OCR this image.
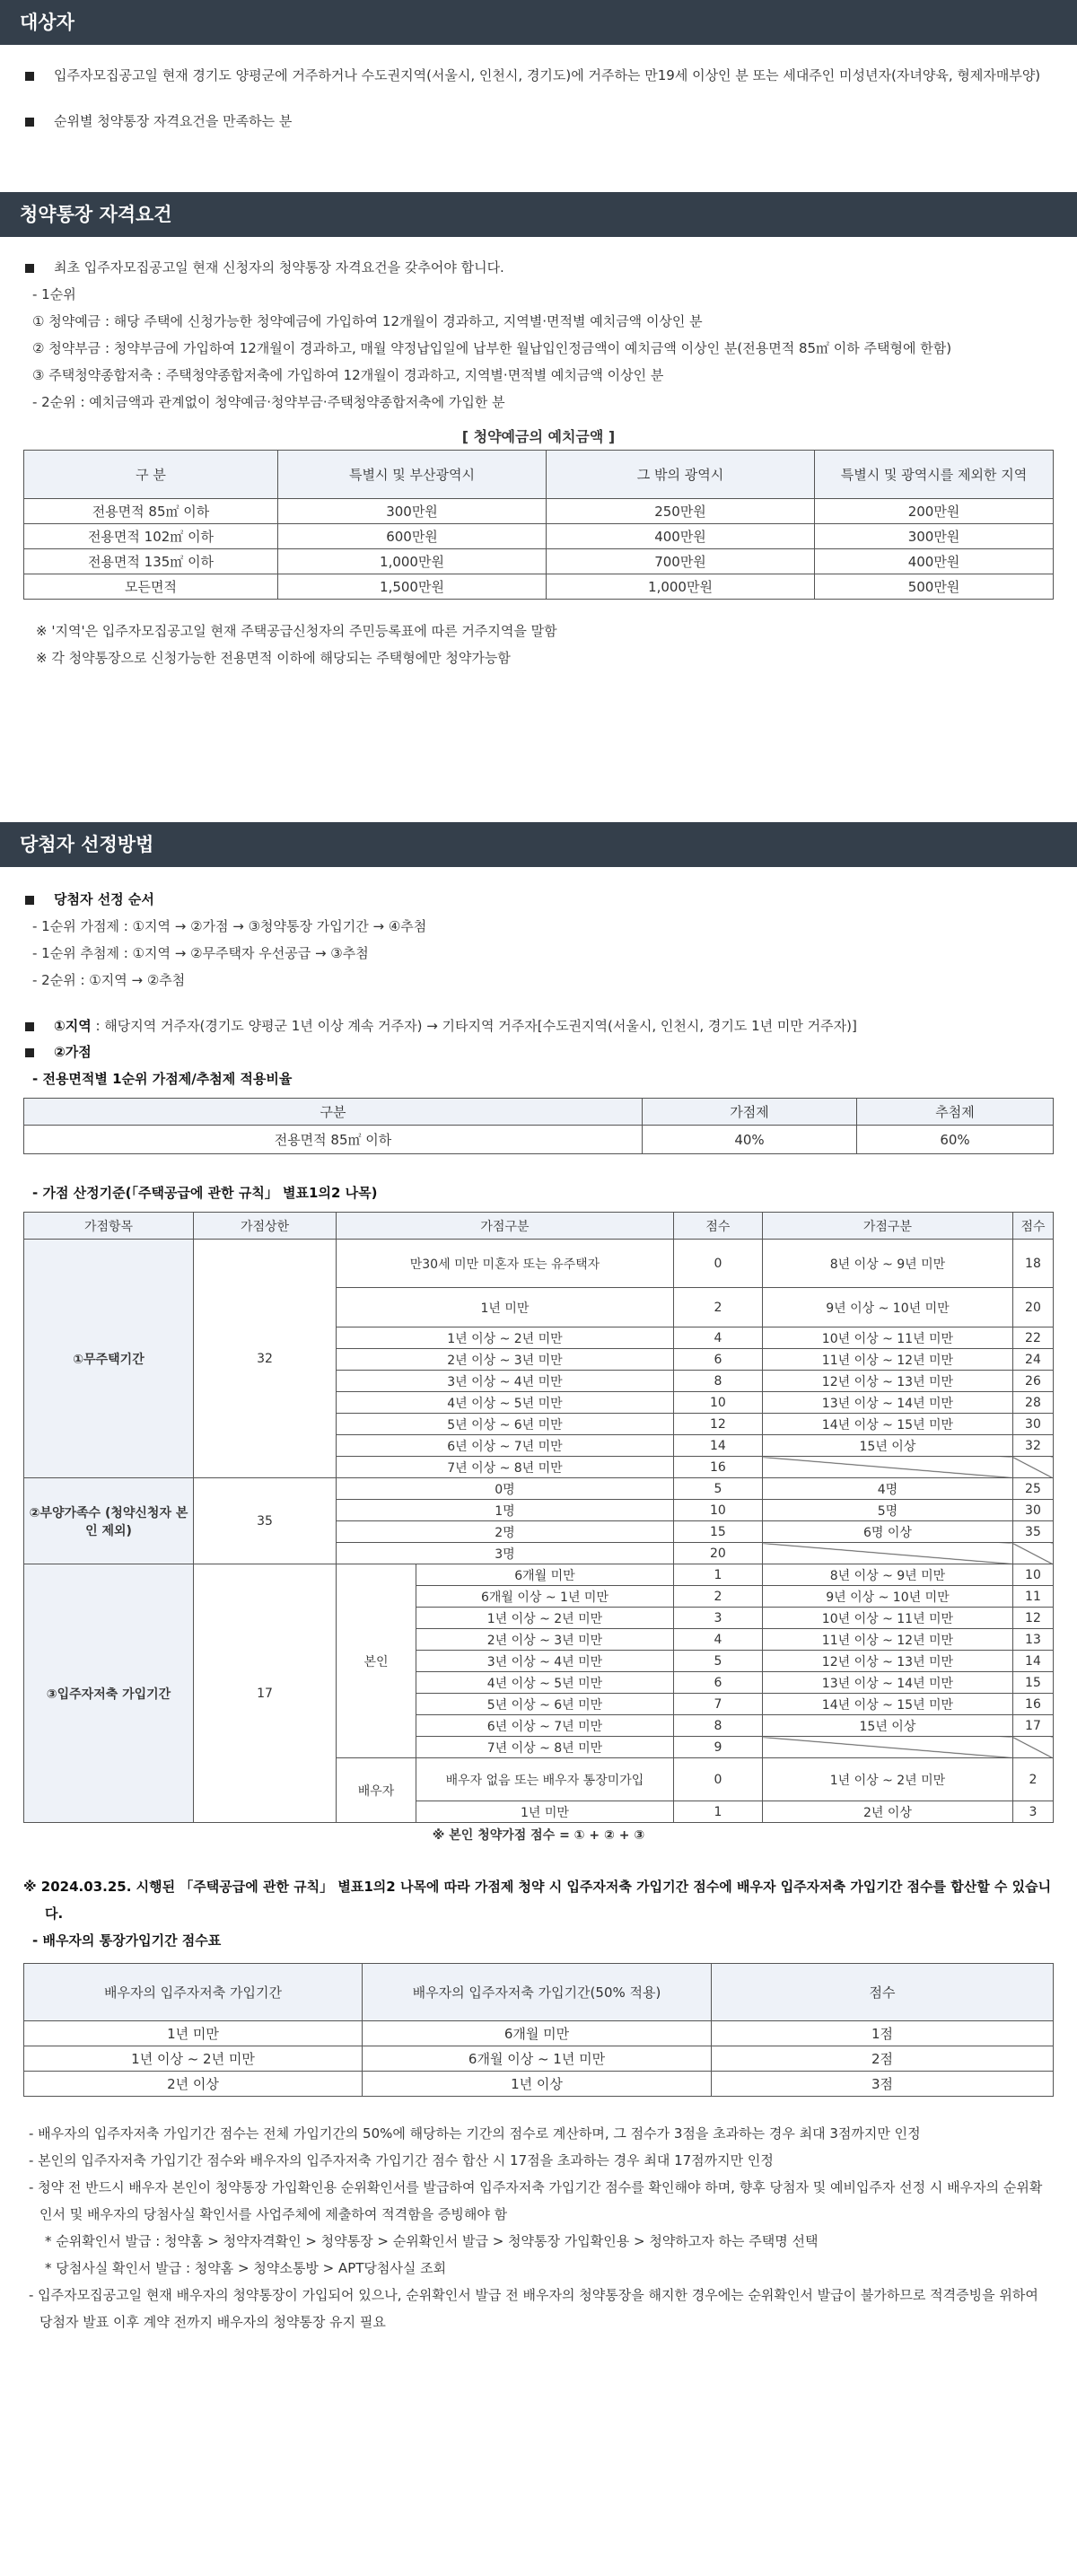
대상자

입주자모집공고일 현재 경기도 양평군에 거주하거나 수도권지역(서울시, 인천시, 경기도)에 거주하는 만19세 이상인 분 또는 세대주인 미성년자(자녀양육, 형제자매부양)

순위별 청약통장 자격요건을 만족하는 분

청약통장 자격요건

최초 입주자모집공고일 현재 신청자의 청약통장 자격요건을 갖추어야 합니다.

- 1순위

① 청약예금 : 해당 주택에 신청가능한 청약예금에 가입하여 12개월이 경과하고, 지역별·면적별 예치금액 이상인 분

② 청약부금 : 청약부금에 가입하여 12개월이 경과하고, 매월 약정납입일에 납부한 월납입인정금액이 예치금액 이상인 분(전용면적 85㎡ 이하 주택형에 한함)

③ 주택청약종합저축 : 주택청약종합저축에 가입하여 12개월이 경과하고, 지역별·면적별 예치금액 이상인 분

- 2순위 : 예치금액과 관계없이 청약예금·청약부금·주택청약종합저축에 가입한 분

[ 청약예금의 예치금액 ]

구 분	특별시 및 부산광역시	그 밖의 광역시	특별시 및 광역시를 제외한 지역
전용면적 85㎡ 이하	300만원	250만원	200만원
전용면적 102㎡ 이하	600만원	400만원	300만원
전용면적 135㎡ 이하	1,000만원	700만원	400만원
모든면적	1,500만원	1,000만원	500만원

※ '지역'은 입주자모집공고일 현재 주택공급신청자의 주민등록표에 따른 거주지역을 말함

※ 각 청약통장으로 신청가능한 전용면적 이하에 해당되는 주택형에만 청약가능함

당첨자 선정방법

당첨자 선정 순서

- 1순위 가점제 : ①지역 → ②가점 → ③청약통장 가입기간 → ④추첨

- 1순위 추첨제 : ①지역 → ②무주택자 우선공급 → ③추첨

- 2순위 : ①지역 → ②추첨

①지역 : 해당지역 거주자(경기도 양평군 1년 이상 계속 거주자) → 기타지역 거주자[수도권지역(서울시, 인천시, 경기도 1년 미만 거주자)]

②가점

- 전용면적별 1순위 가점제/추첨제 적용비율

구분	가점제	추첨제
전용면적 85㎡ 이하	40%	60%

- 가점 산정기준(「주택공급에 관한 규칙」 별표1의2 나목)

가점항목	가점상한	가점구분		점수	가점구분	점수
①무주택기간	32	만30세 미만 미혼자 또는 유주택자		0	8년 이상 ~ 9년 미만	18
		1년 미만		2	9년 이상 ~ 10년 미만	20
		1년 이상 ~ 2년 미만		4	10년 이상 ~ 11년 미만	22
		2년 이상 ~ 3년 미만		6	11년 이상 ~ 12년 미만	24
		3년 이상 ~ 4년 미만		8	12년 이상 ~ 13년 미만	26
		4년 이상 ~ 5년 미만		10	13년 이상 ~ 14년 미만	28
		5년 이상 ~ 6년 미만		12	14년 이상 ~ 15년 미만	30
		6년 이상 ~ 7년 미만		14	15년 이상	32
		7년 이상 ~ 8년 미만		16		
②부양가족수 (청약신청자 본인 제외)	35	0명		5	4명	25
		1명		10	5명	30
		2명		15	6명 이상	35
		3명		20		
③입주자저축 가입기간	17	본인	6개월 미만	1	8년 이상 ~ 9년 미만	10
			6개월 이상 ~ 1년 미만	2	9년 이상 ~ 10년 미만	11
			1년 이상 ~ 2년 미만	3	10년 이상 ~ 11년 미만	12
			2년 이상 ~ 3년 미만	4	11년 이상 ~ 12년 미만	13
			3년 이상 ~ 4년 미만	5	12년 이상 ~ 13년 미만	14
			4년 이상 ~ 5년 미만	6	13년 이상 ~ 14년 미만	15
			5년 이상 ~ 6년 미만	7	14년 이상 ~ 15년 미만	16
			6년 이상 ~ 7년 미만	8	15년 이상	17
			7년 이상 ~ 8년 미만	9		
		배우자	배우자 없음 또는 배우자 통장미가입	0	1년 이상 ~ 2년 미만	2
			1년 미만	1	2년 이상	3
※ 본인 청약가점 점수 = ① + ② + ③						

※ 2024.03.25. 시행된 「주택공급에 관한 규칙」 별표1의2 나목에 따라 가점제 청약 시 입주자저축 가입기간 점수에 배우자 입주자저축 가입기간 점수를 합산할 수 있습니다.

- 배우자의 통장가입기간 점수표

배우자의 입주자저축 가입기간	배우자의 입주자저축 가입기간(50% 적용)	점수
1년 미만	6개월 미만	1점
1년 이상 ~ 2년 미만	6개월 이상 ~ 1년 미만	2점
2년 이상	1년 이상	3점

- 배우자의 입주자저축 가입기간 점수는 전체 가입기간의 50%에 해당하는 기간의 점수로 계산하며, 그 점수가 3점을 초과하는 경우 최대 3점까지만 인정

- 본인의 입주자저축 가입기간 점수와 배우자의 입주자저축 가입기간 점수 합산 시 17점을 초과하는 경우 최대 17점까지만 인정

- 청약 전 반드시 배우자 본인이 청약통장 가입확인용 순위확인서를 발급하여 입주자저축 가입기간 점수를 확인해야 하며, 향후 당첨자 및 예비입주자 선정 시 배우자의 순위확인서 및 배우자의 당첨사실 확인서를 사업주체에 제출하여 적격함을 증빙해야 함

* 순위확인서 발급 : 청약홈 > 청약자격확인 > 청약통장 > 순위확인서 발급 > 청약통장 가입확인용 > 청약하고자 하는 주택명 선택

* 당첨사실 확인서 발급 : 청약홈 > 청약소통방 > APT당첨사실 조회

- 입주자모집공고일 현재 배우자의 청약통장이 가입되어 있으나, 순위확인서 발급 전 배우자의 청약통장을 해지한 경우에는 순위확인서 발급이 불가하므로 적격증빙을 위하여 당첨자 발표 이후 계약 전까지 배우자의 청약통장 유지 필요
